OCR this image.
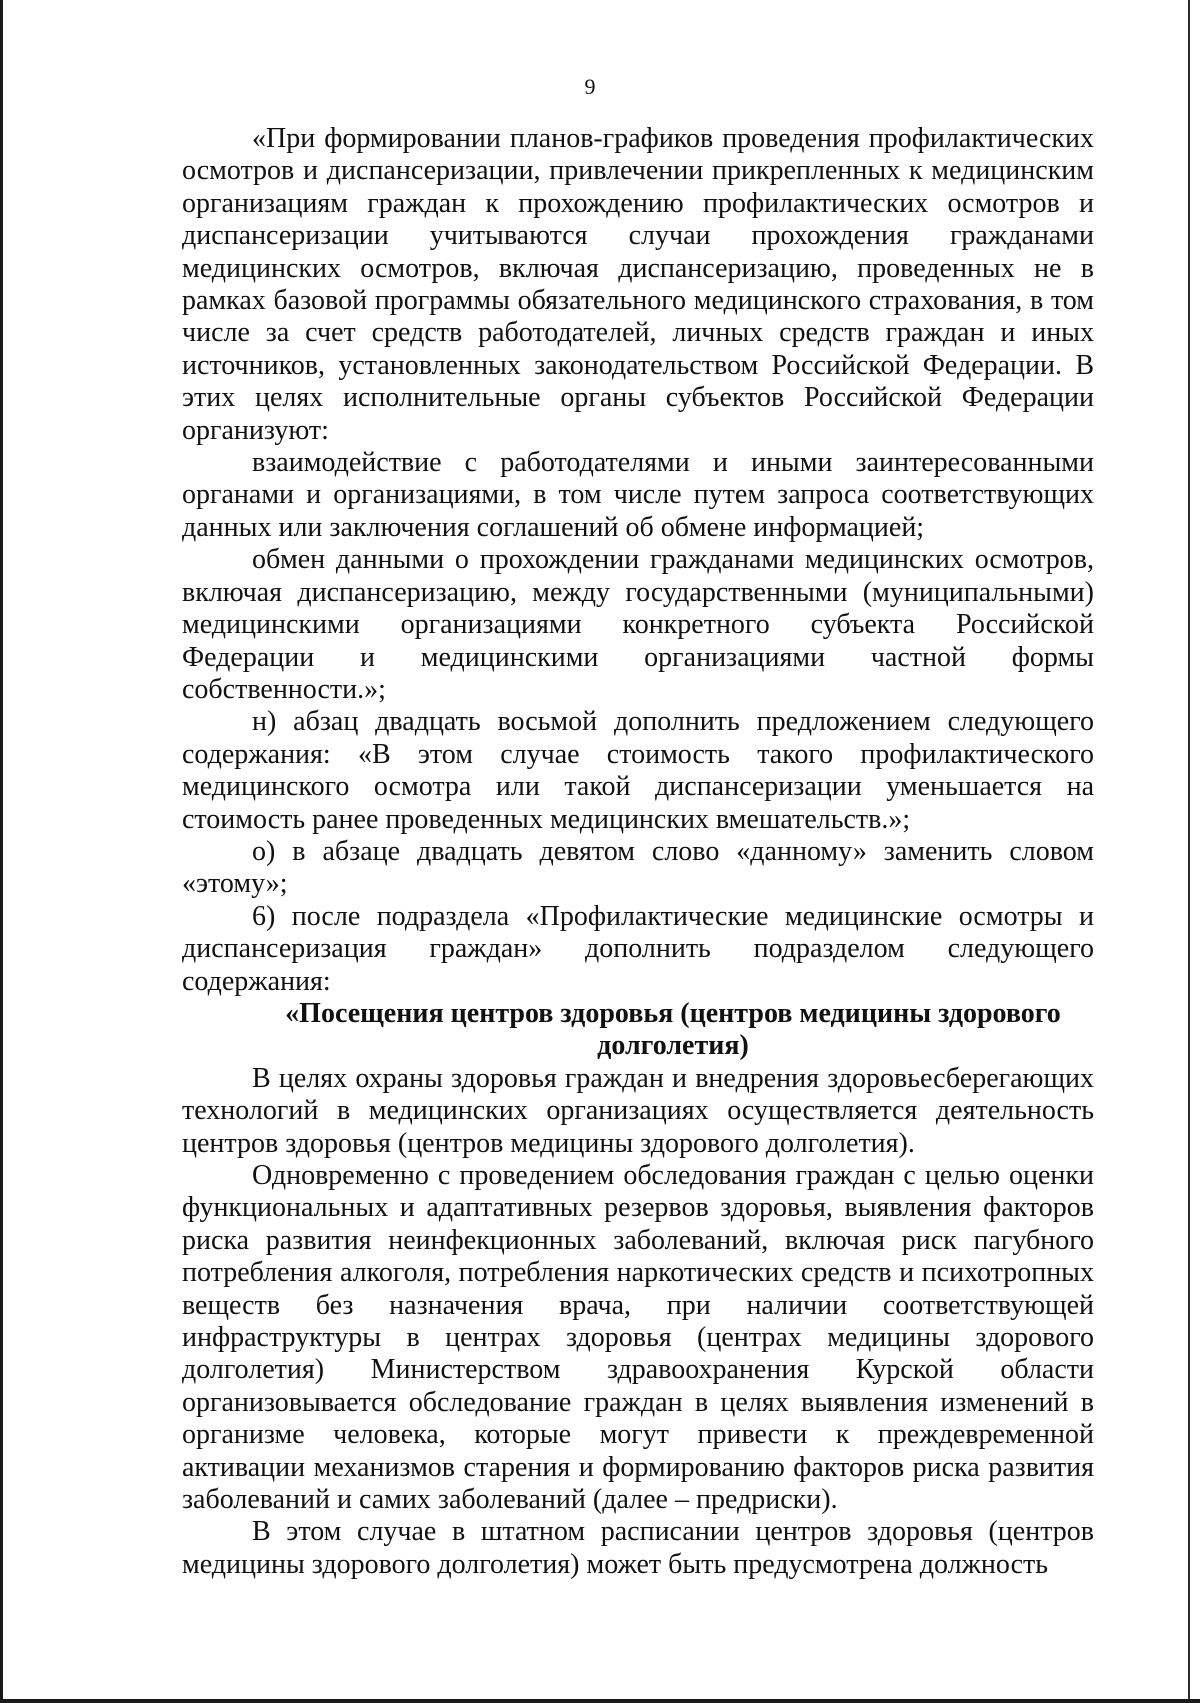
9

«При формировании планов-графиков проведения профилактических осмотров и диспансеризации, привлечении прикрепленных к медицинским организациям граждан к прохождению профилактических осмотров и диспансеризации учитываются случаи прохождения гражданами медицинских осмотров, включая диспансеризацию, проведенных не в рамках базовой программы обязательного медицинского страхования, в том числе за счет средств работодателей, личных средств граждан и иных источников, установленных законодательством Российской Федерации. В этих целях исполнительные органы субъектов Российской Федерации организуют:

взаимодействие с работодателями и иными заинтересованными органами и организациями, в том числе путем запроса соответствующих данных или заключения соглашений об обмене информацией;

обмен данными о прохождении гражданами медицинских осмотров, включая диспансеризацию, между государственными (муниципальными) медицинскими организациями конкретного субъекта Российской Федерации и медицинскими организациями частной формы собственности.»;

н) абзац двадцать восьмой дополнить предложением следующего содержания: «В этом случае стоимость такого профилактического медицинского осмотра или такой диспансеризации уменьшается на стоимость ранее проведенных медицинских вмешательств.»;

о) в абзаце двадцать девятом слово «данному» заменить словом «этому»;

6) после подраздела «Профилактические медицинские осмотры и диспансеризация граждан» дополнить подразделом следующего содержания:

«Посещения центров здоровья (центров медицины здорового долголетия)

В целях охраны здоровья граждан и внедрения здоровьесберегающих технологий в медицинских организациях осуществляется деятельность центров здоровья (центров медицины здорового долголетия).

Одновременно с проведением обследования граждан с целью оценки функциональных и адаптативных резервов здоровья, выявления факторов риска развития неинфекционных заболеваний, включая риск пагубного потребления алкоголя, потребления наркотических средств и психотропных веществ без назначения врача, при наличии соответствующей инфраструктуры в центрах здоровья (центрах медицины здорового долголетия) Министерством здравоохранения Курской области организовывается обследование граждан в целях выявления изменений в организме человека, которые могут привести к преждевременной активации механизмов старения и формированию факторов риска развития заболеваний и самих заболеваний (далее – предриски).

В этом случае в штатном расписании центров здоровья (центров медицины здорового долголетия) может быть предусмотрена должность
